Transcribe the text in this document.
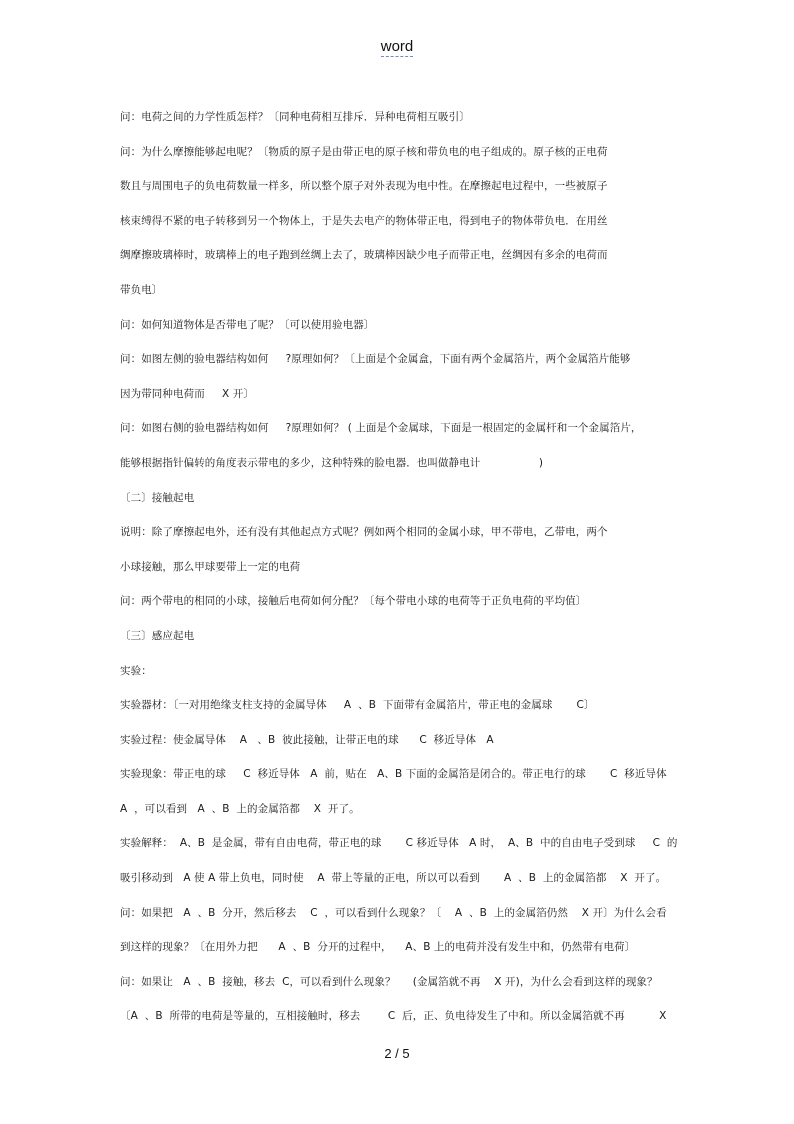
word
问：电荷之间的力学性质怎样？〔同种电荷相互排斥．异种电荷相互吸引〕
问：为什么摩擦能够起电呢？〔物质的原子是由带正电的原子核和带负电的电子组成的。原子核的正电荷
数且与周围电子的负电荷数量一样多，所以整个原子对外表现为电中性。在摩擦起电过程中，一些被原子
核束缚得不紧的电子转移到另一个物体上，于是失去电产的物体带正电，得到电子的物体带负电．在用丝
绸摩擦玻璃棒时，玻璃棒上的电子跑到丝绸上去了，玻璃棒因缺少电子而带正电，丝绸因有多余的电荷而
带负电〕
问：如何知道物体是否带电了呢？〔可以使用验电器〕
问：如图左侧的验电器结构如何     ?原理如何？〔上面是个金属盒，下面有两个金属箔片，两个金属箔片能够
因为带同种电荷而     X 开〕
问：如图右侧的验电器结构如何     ?原理如何？ ( 上面是个金属球，下面是一根固定的金属杆和一个金属箔片，
能够根据指针偏转的角度表示带电的多少，这种特殊的脸电器．也叫做静电计                 )
〔二〕接触起电
说明：除了摩擦起电外，还有没有其他起点方式呢？例如两个相同的金属小球，甲不带电，乙带电，两个
小球接触，那么甲球要带上一定的电荷
问：两个带电的相同的小球，接触后电荷如何分配？〔每个带电小球的电荷等于正负电荷的平均值〕
〔三〕感应起电
实验：
实验器材：〔一对用绝缘支柱支持的金属导体     A  、B  下面带有金属箔片，带正电的金属球       C〕
实验过程：使金属导体    A   、B  彼此接触，让带正电的球      C  移近导体   A
实验现象：带正电的球     C  移近导体   A  前，贴在   A、B 下面的金属箔是闭合的。带正电行的球       C  移近导体
A  ，可以看到   A  、B  上的金属箔都    X  开了。
实验解释：  A、B  是金属，带有自由电荷，带正电的球       C 移近导体   A 时，  A、B  中的自由电子受到球     C  的
吸引移动到   A 使 A 带上负电，同时使    A  带上等量的正电，所以可以看到       A  、B  上的金属箔都    X  开了。
问：如果把   A  、B  分开，然后移去    C  ，可以看到什么现象？〔    A  、B  上的金属箔仍然    X 开〕为什么会看
到这样的现象？〔在用外力把      A  、B  分开的过程中，    A、B 上的电荷并没有发生中和，仍然带有电荷〕
问：如果让   A  、B  接触，移去  C，可以看到什么现象？     (金属箔就不再    X 开)，为什么会看到这样的现象？
〔A  、B  所带的电荷是等量的，互相接触时，移去        C  后，正、负电待发生了中和。所以金属箔就不再          X
2 / 5
